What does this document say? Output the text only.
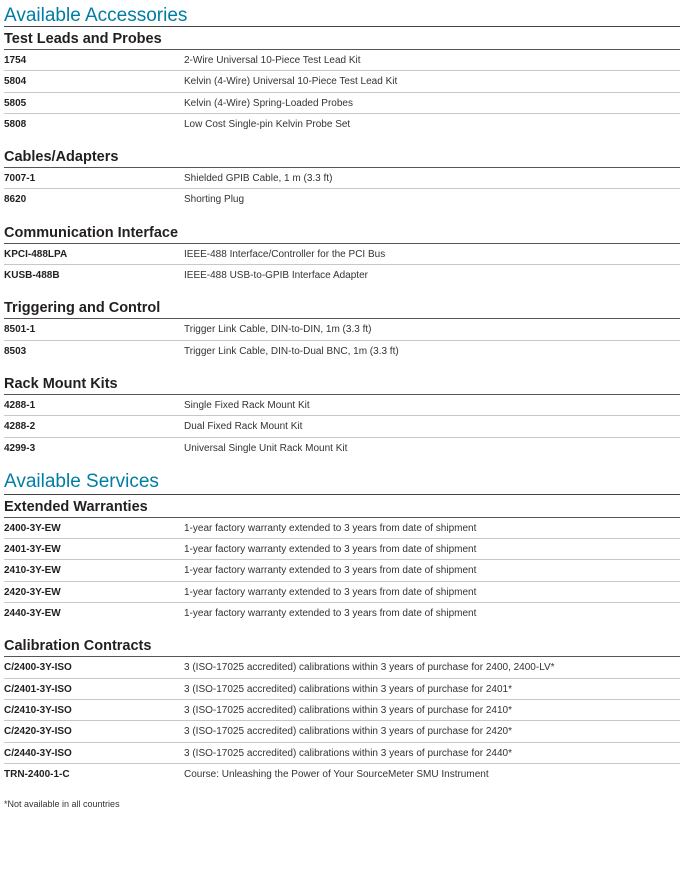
Available Accessories
Test Leads and Probes
1754	2-Wire Universal 10-Piece Test Lead Kit
5804	Kelvin (4-Wire) Universal 10-Piece Test Lead Kit
5805	Kelvin (4-Wire) Spring-Loaded Probes
5808	Low Cost Single-pin Kelvin Probe Set
Cables/Adapters
7007-1	Shielded GPIB Cable, 1 m (3.3 ft)
8620	Shorting Plug
Communication Interface
KPCI-488LPA	IEEE-488 Interface/Controller for the PCI Bus
KUSB-488B	IEEE-488 USB-to-GPIB Interface Adapter
Triggering and Control
8501-1	Trigger Link Cable, DIN-to-DIN, 1m (3.3 ft)
8503	Trigger Link Cable, DIN-to-Dual BNC, 1m (3.3 ft)
Rack Mount Kits
4288-1	Single Fixed Rack Mount Kit
4288-2	Dual Fixed Rack Mount Kit
4299-3	Universal Single Unit Rack Mount Kit
Available Services
Extended Warranties
2400-3Y-EW	1-year factory warranty extended to 3 years from date of shipment
2401-3Y-EW	1-year factory warranty extended to 3 years from date of shipment
2410-3Y-EW	1-year factory warranty extended to 3 years from date of shipment
2420-3Y-EW	1-year factory warranty extended to 3 years from date of shipment
2440-3Y-EW	1-year factory warranty extended to 3 years from date of shipment
Calibration Contracts
C/2400-3Y-ISO	3 (ISO-17025 accredited) calibrations within 3 years of purchase for 2400, 2400-LV*
C/2401-3Y-ISO	3 (ISO-17025 accredited) calibrations within 3 years of purchase for 2401*
C/2410-3Y-ISO	3 (ISO-17025 accredited) calibrations within 3 years of purchase for 2410*
C/2420-3Y-ISO	3 (ISO-17025 accredited) calibrations within 3 years of purchase for 2420*
C/2440-3Y-ISO	3 (ISO-17025 accredited) calibrations within 3 years of purchase for 2440*
TRN-2400-1-C	Course: Unleashing the Power of Your SourceMeter SMU Instrument
*Not available in all countries
